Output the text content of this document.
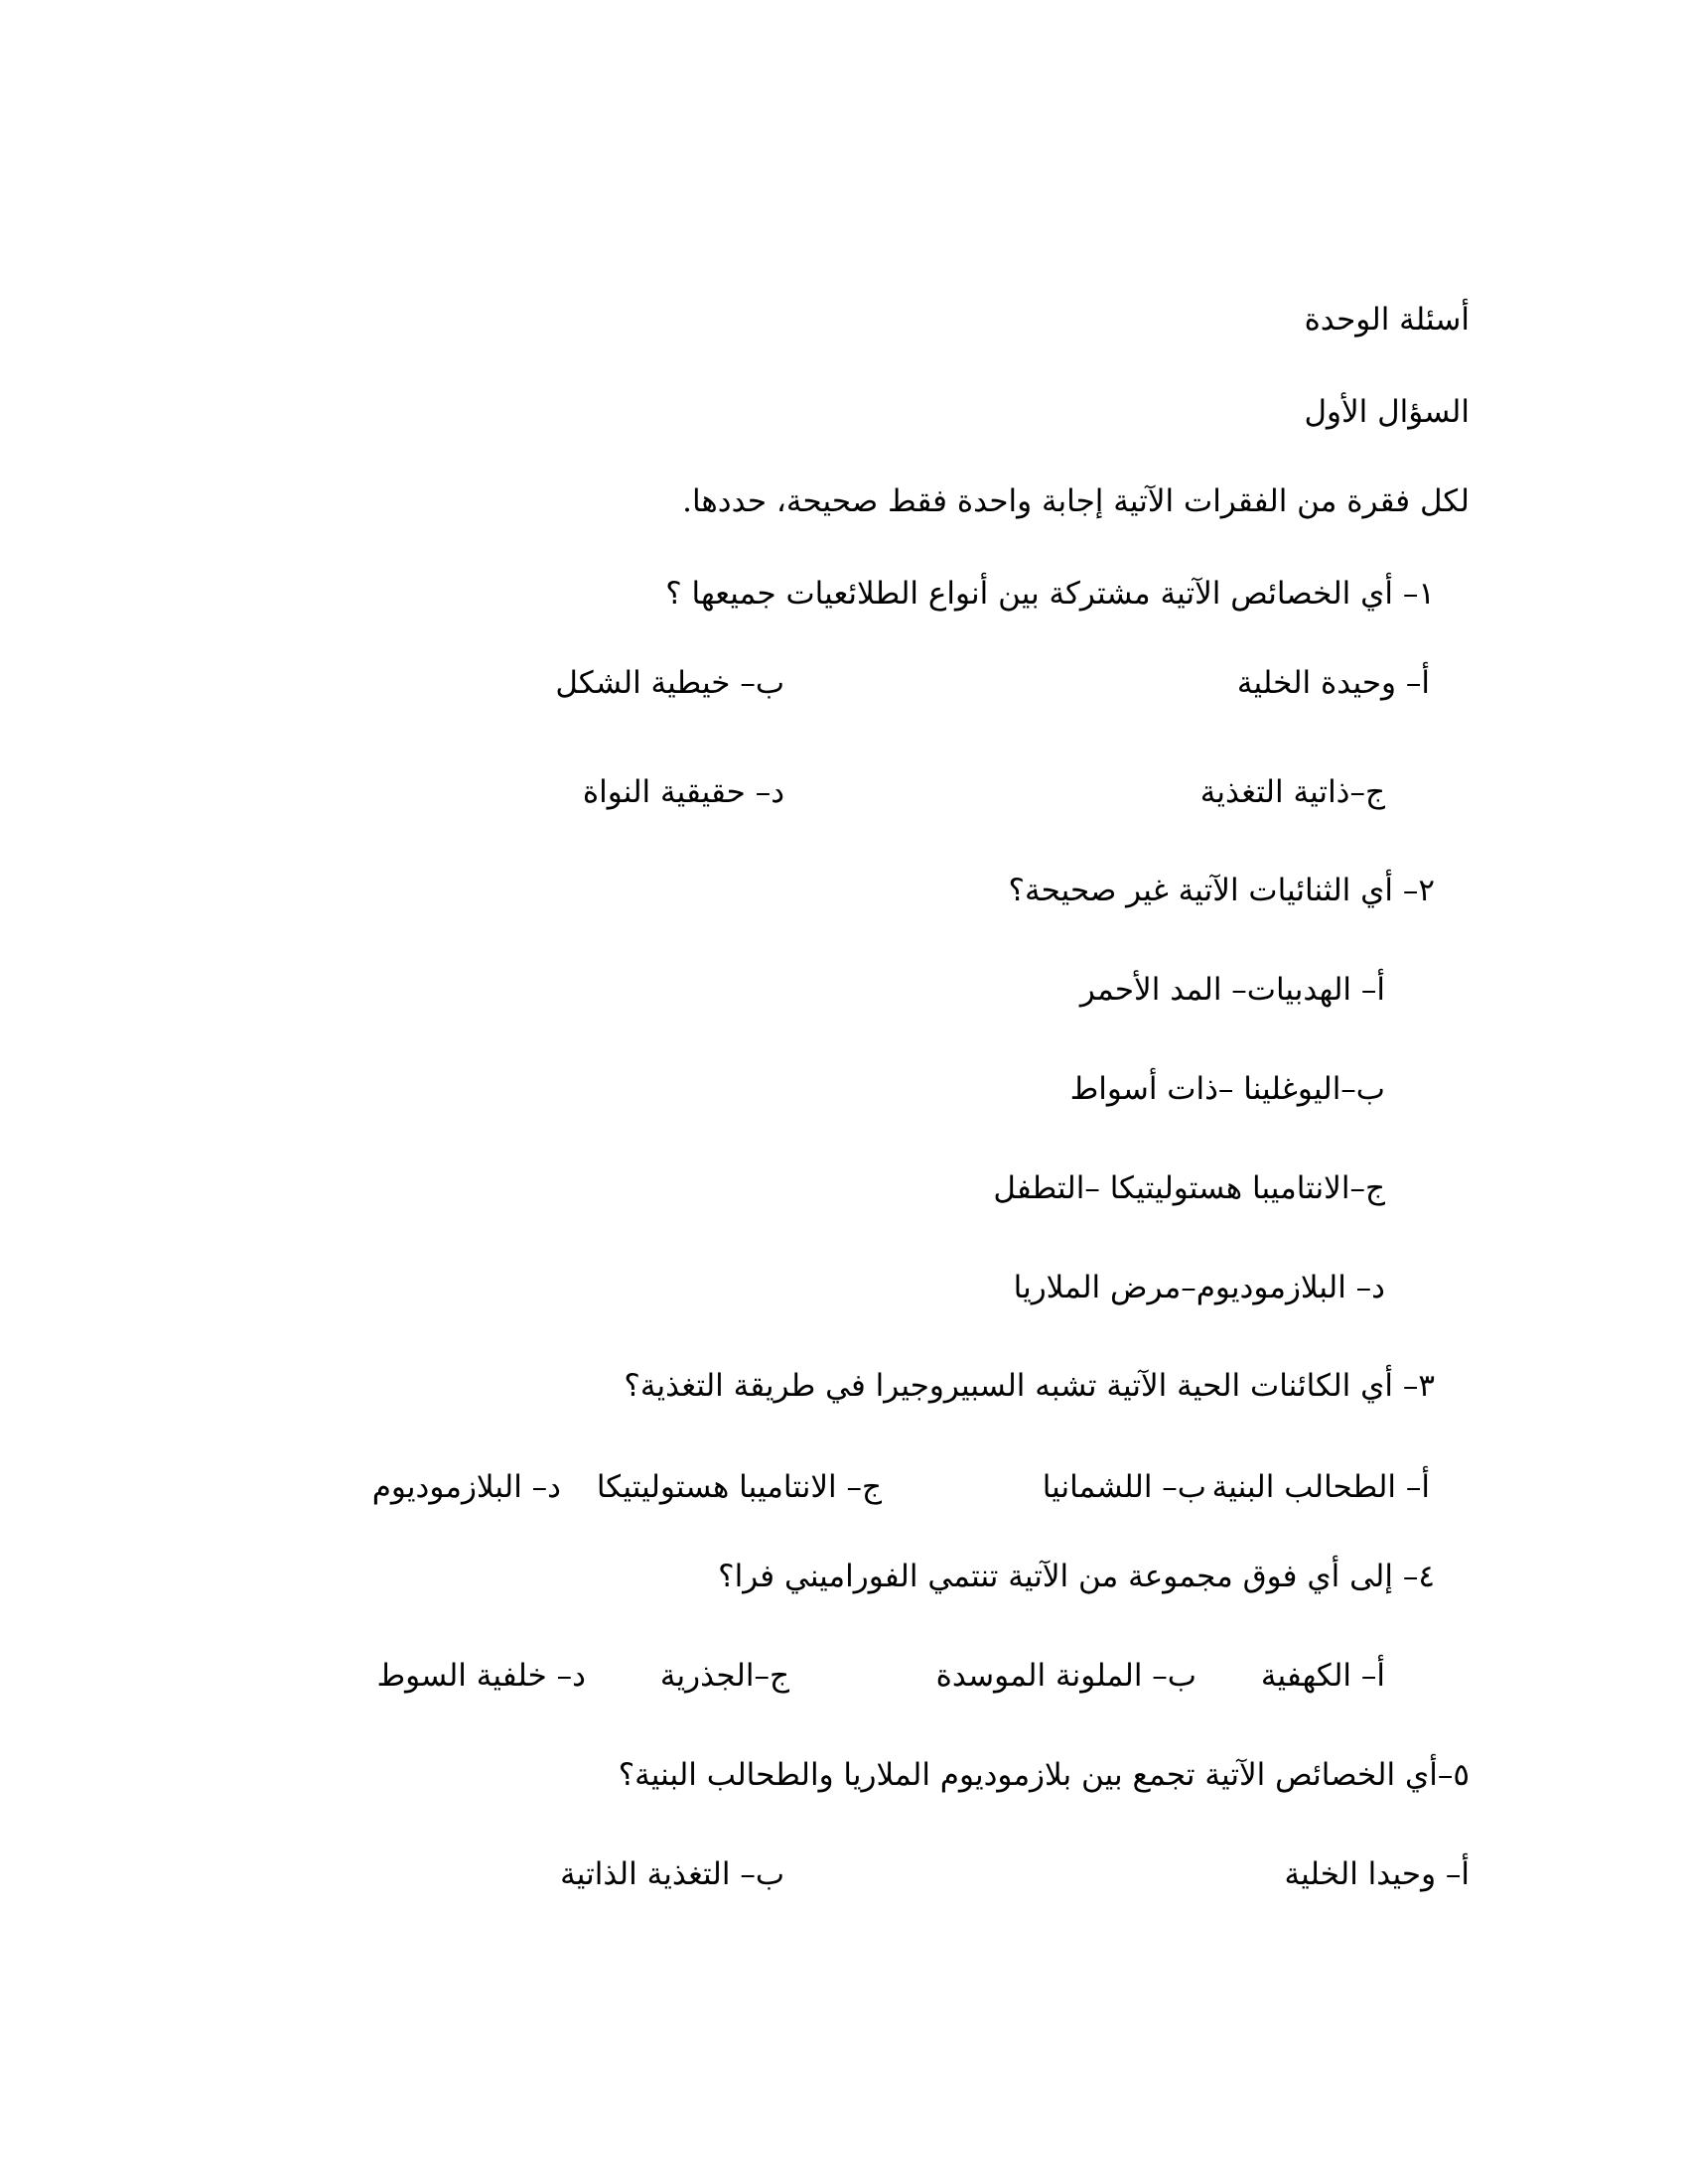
أسئلة الوحدة
السؤال الأول
لكل فقرة من الفقرات الآتية إجابة واحدة فقط صحيحة، حددها.
١– أي الخصائص الآتية مشتركة بين أنواع الطلائعيات جميعها ؟
أ– وحيدة الخلية
ب– خيطية الشكل
ج–ذاتية التغذية
د– حقيقية النواة
٢– أي الثنائيات الآتية غير صحيحة؟
أ– الهدبيات– المد الأحمر
ب–اليوغلينا –ذات أسواط
ج–الانتاميبا هستوليتيكا –التطفل
د– البلازموديوم–مرض الملاريا
٣– أي الكائنات الحية الآتية تشبه السبيروجيرا في طريقة التغذية؟
أ– الطحالب البنية
ب– اللشمانيا
ج– الانتاميبا هستوليتيكا
د– البلازموديوم
٤– إلى أي فوق مجموعة من الآتية تنتمي الفوراميني فرا؟
أ– الكهفية
ب– الملونة الموسدة
ج–الجذرية
د– خلفية السوط
٥–أي الخصائص الآتية تجمع بين بلازموديوم الملاريا والطحالب البنية؟
أ– وحيدا الخلية
ب– التغذية الذاتية
